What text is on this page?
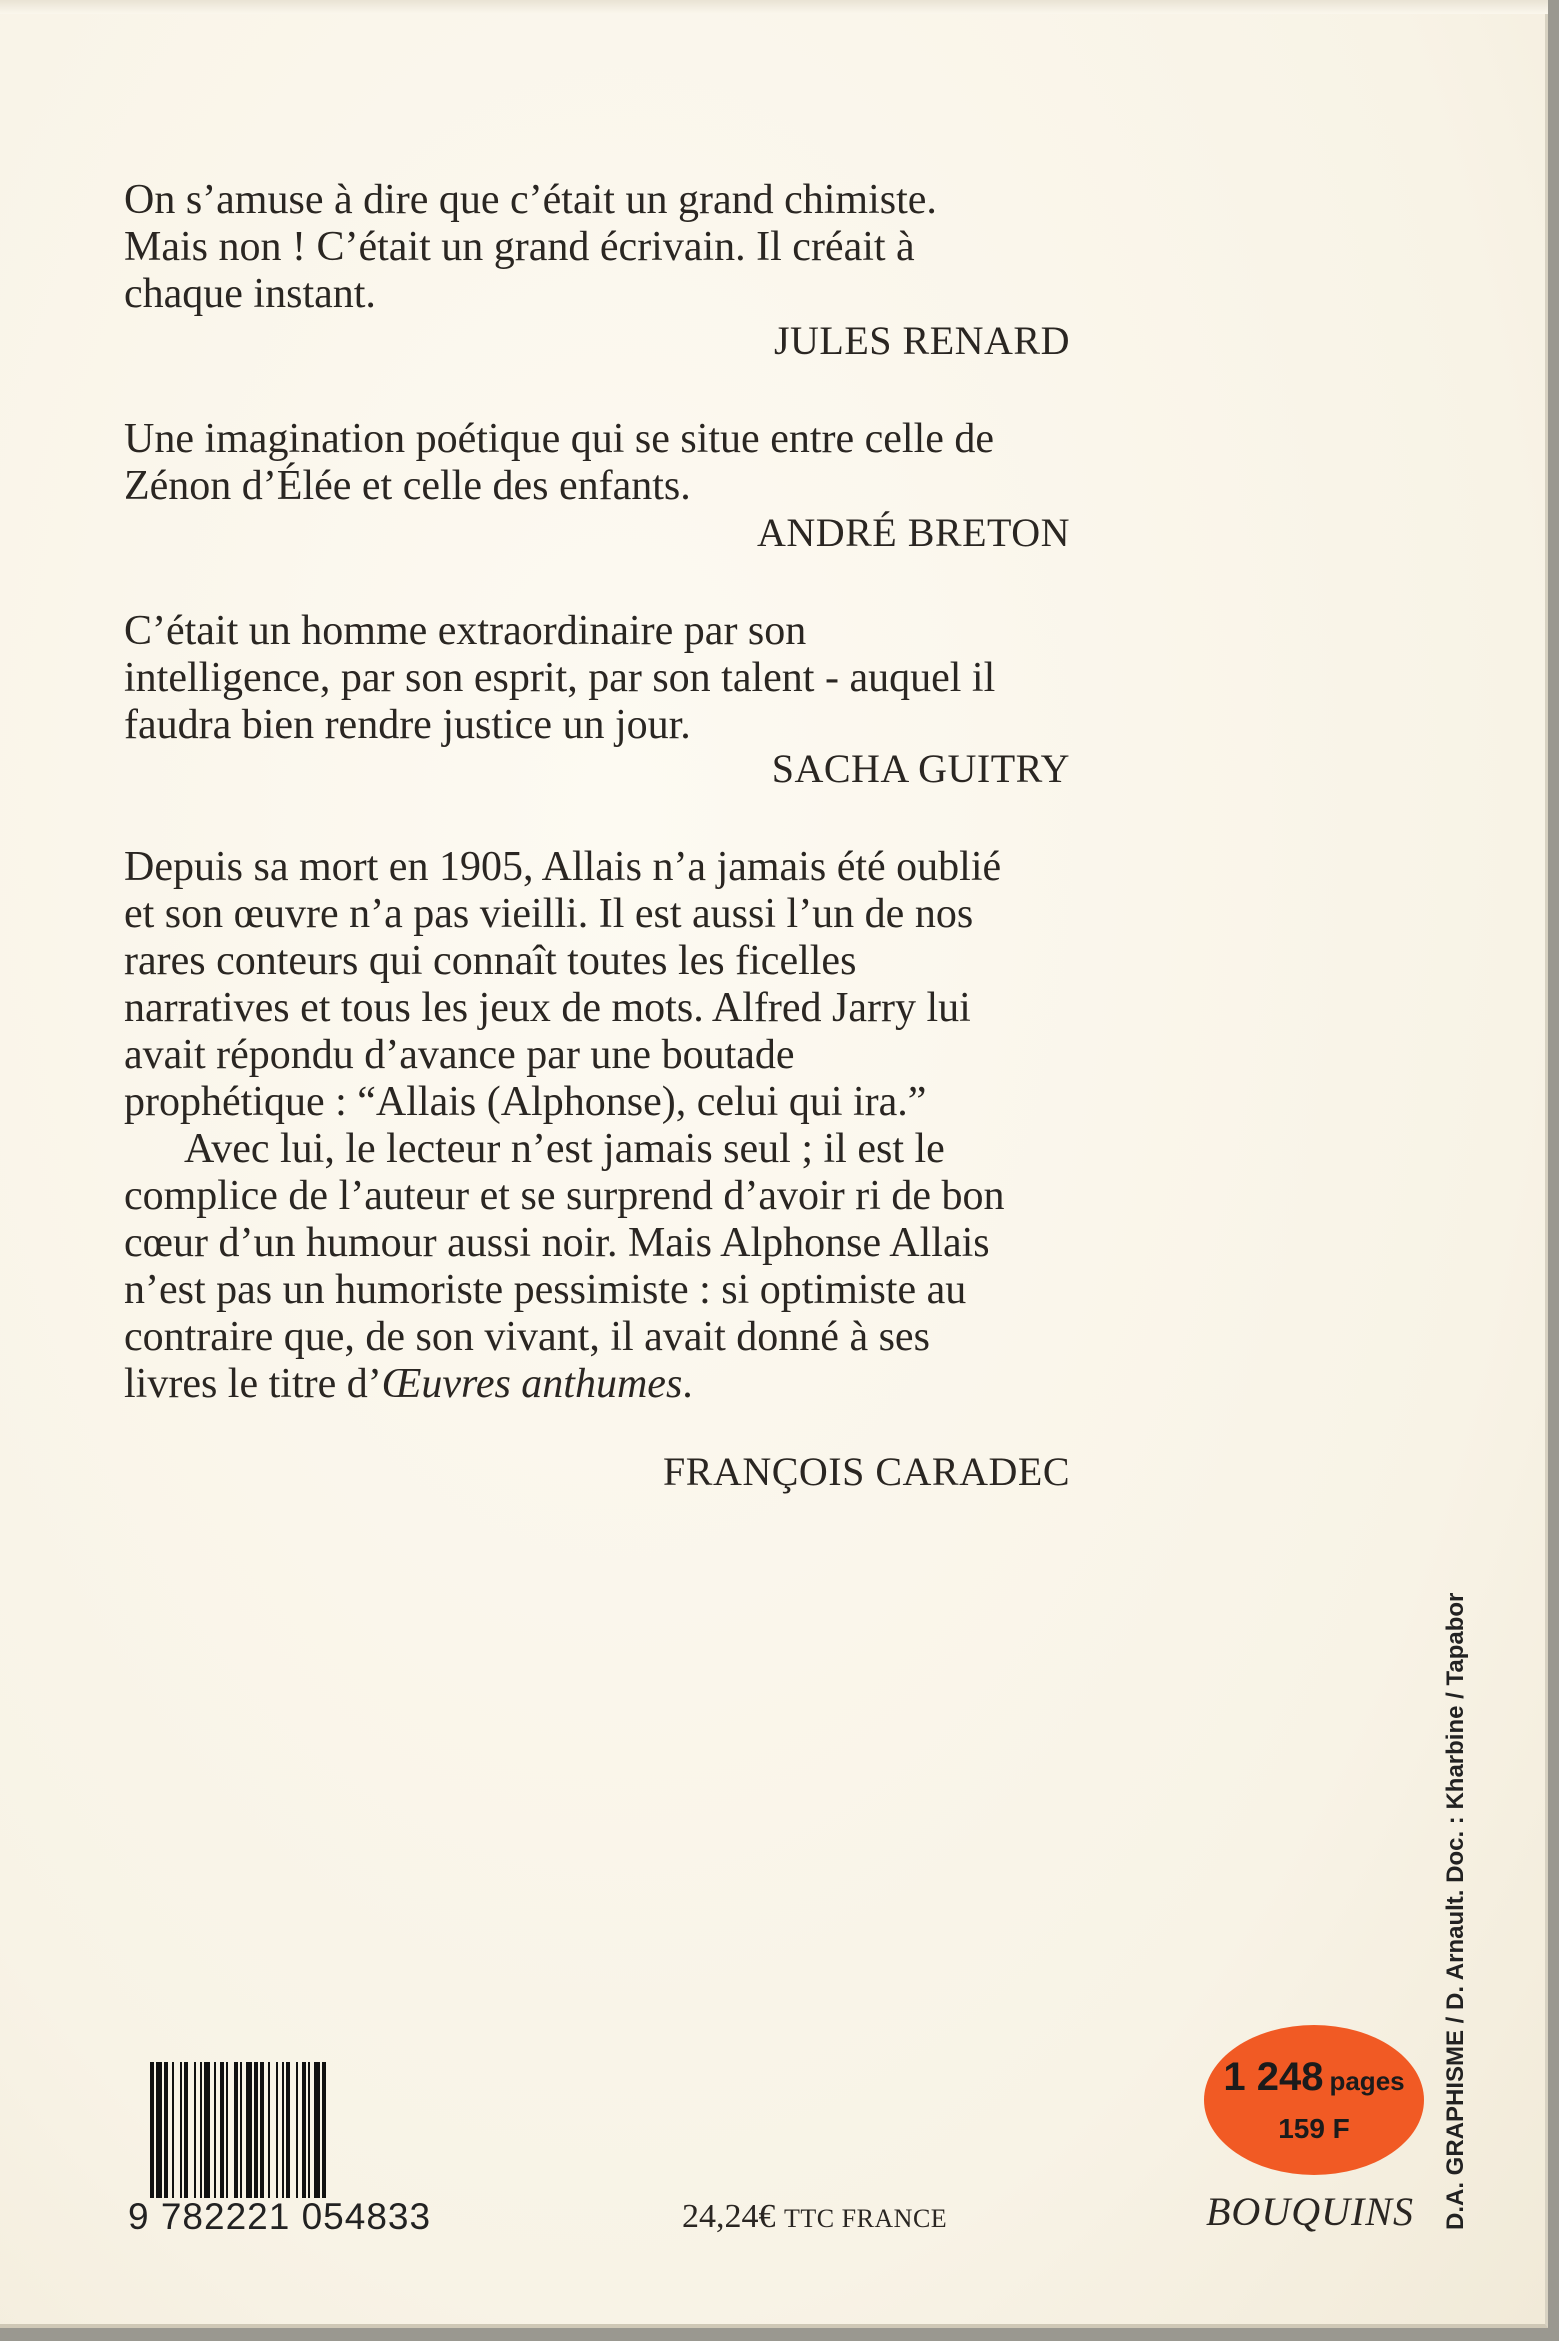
On s’amuse à dire que c’était un grand chimiste.

Mais non ! C’était un grand écrivain. Il créait à

chaque instant.

JULES RENARD

Une imagination poétique qui se situe entre celle de

Zénon d’Élée et celle des enfants.

ANDRÉ BRETON

C’était un homme extraordinaire par son

intelligence, par son esprit, par son talent - auquel il

faudra bien rendre justice un jour.

SACHA GUITRY

Depuis sa mort en 1905, Allais n’a jamais été oublié

et son œuvre n’a pas vieilli. Il est aussi l’un de nos

rares conteurs qui connaît toutes les ficelles

narratives et tous les jeux de mots. Alfred Jarry lui

avait répondu d’avance par une boutade

prophétique : “Allais (Alphonse), celui qui ira.”

Avec lui, le lecteur n’est jamais seul ; il est le

complice de l’auteur et se surprend d’avoir ri de bon

cœur d’un humour aussi noir. Mais Alphonse Allais

n’est pas un humoriste pessimiste : si optimiste au

contraire que, de son vivant, il avait donné à ses

livres le titre d’Œuvres anthumes.

FRANÇOIS CARADEC
9 782221 054833	24,24€ TTC FRANCE
1 248 pages
159 F
BOUQUINS D.A. GRAPHISME / D. Arnault. Doc. : Kharbine / Tapabor
